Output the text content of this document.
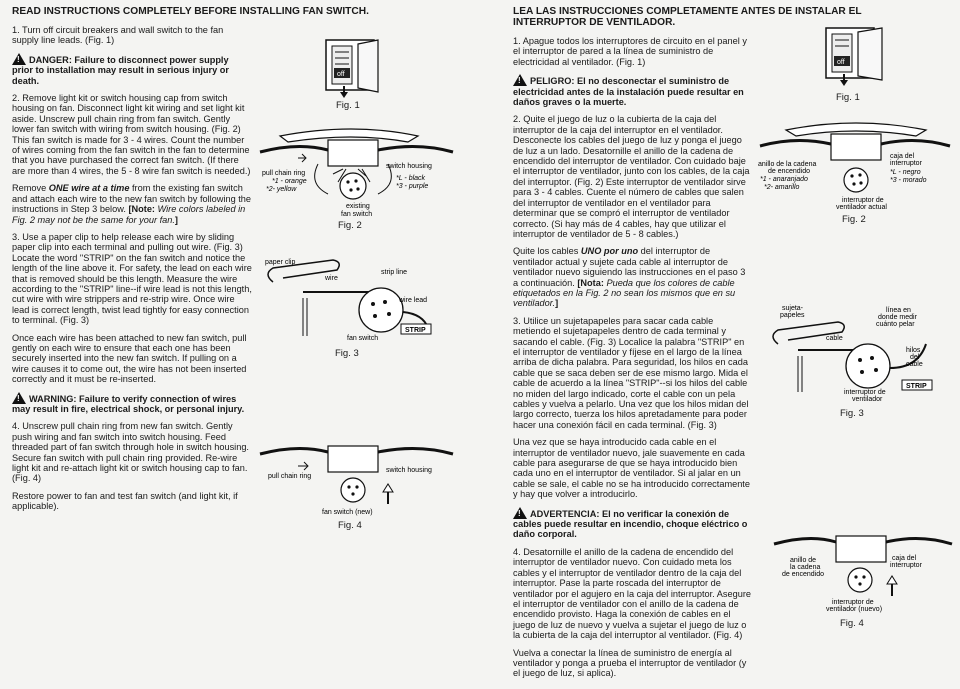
READ INSTRUCTIONS COMPLETELY BEFORE INSTALLING FAN SWITCH.
1. Turn off circuit breakers and wall switch to the fan supply line leads. (Fig. 1)
!DANGER: Failure to disconnect power supply prior to installation may result in serious injury or death.
2. Remove light kit or switch housing cap from switch housing on fan. Disconnect light kit wiring and set light kit aside. Unscrew pull chain ring from fan switch. Gently lower fan switch with wiring from switch housing. (Fig. 2) This fan switch is made for 3 - 4 wires. Count the number of wires coming from the fan switch in the fan to determine that you have purchased the correct fan switch. (If there are more than 4 wires, the 5 - 8 wire fan switch is needed.)
Remove ONE wire at a time from the existing fan switch and attach each wire to the new fan switch by following the instructions in Step 3 below. [Note: Wire colors labeled in Fig. 2 may not be the same for your fan.]
3. Use a paper clip to help release each wire by sliding paper clip into each terminal and pulling out wire. (Fig. 3) Locate the word "STRIP" on the fan switch and notice the length of the line above it. For safety, the lead on each wire that is removed should be this length. Measure the wire according to the "STRIP" line--if wire lead is not this length, cut wire with wire strippers and re-strip wire. Once wire lead is correct length, twist lead tightly for easy connection to terminal. (Fig. 3)
Once each wire has been attached to new fan switch, pull gently on each wire to ensure that each one has been securely inserted into the new fan switch. If pulling on a wire causes it to come out, the wire has not been inserted correctly and it must be re-inserted.
!WARNING: Failure to verify connection of wires may result in fire, electrical shock, or personal injury.
4. Unscrew pull chain ring from new fan switch. Gently push wiring and fan switch into switch housing. Feed threaded part of fan switch through hole in switch housing. Secure fan switch with pull chain ring provided. Re-wire light kit and re-attach light kit or switch housing cap to fan. (Fig. 4)
Restore power to fan and test fan switch (and light kit, if applicable).
off
Fig. 1
pull chain ring
*1 - orange
*2- yellow
switch housing
*L - black
*3 - purple
existing
fan switch
Fig. 2
paper clip
wire
strip line
wire lead
STRIP
fan switch
Fig. 3
pull chain ring
switch housing
fan switch (new)
Fig. 4
LEA LAS INSTRUCCIONES COMPLETAMENTE ANTES DE INSTALAR EL INTERRUPTOR DE VENTILADOR.
1. Apague todos los interruptores de circuito en el panel y el interruptor de pared a la línea de suministro de electricidad al ventilador. (Fig. 1)
!PELIGRO: El no desconectar el suministro de electricidad antes de la instalación puede resultar en daños graves o la muerte.
2. Quite el juego de luz o la cubierta de la caja del interruptor de la caja del interruptor en el ventilador. Desconecte los cables del juego de luz y ponga el juego de luz a un lado. Desatornille el anillo de la cadena de encendido del interruptor de ventilador. Con cuidado baje el interruptor de ventilador, junto con los cables, de la caja del interruptor. (Fig. 2) Este interruptor de ventilador sirve para 3 - 4 cables. Cuente el número de cables que salen del interruptor de ventilador en el ventilador para determinar que se compró el interruptor de ventilador correcto. (Si hay más de 4 cables, hay que utilizar el interruptor de ventilador de 5 - 8 cables.)
Quite los cables UNO por uno del interruptor de ventilador actual y sujete cada cable al interruptor de ventilador nuevo siguiendo las instrucciones en el paso 3 a continuación. [Nota: Pueda que los colores de cable etiquetados en la Fig. 2 no sean los mismos que en su ventilador.]
3. Utilice un sujetapapeles para sacar cada cable metiendo el sujetapapeles dentro de cada terminal y sacando el cable. (Fig. 3) Localice la palabra "STRIP" en el interruptor de ventilador y fíjese en el largo de la línea arriba de dicha palabra. Para seguridad, los hilos en cada cable que se saca deben ser de ese mismo largo. Mida el cable de acuerdo a la línea "STRIP"--si los hilos del cable no miden del largo indicado, corte el cable con un pela cables y vuelva a pelarlo. Una vez que los hilos midan del largo correcto, tuerza los hilos apretadamente para poder hacer una conexión fácil en cada terminal. (Fig. 3)
Una vez que se haya introducido cada cable en el interruptor de ventilador nuevo, jale suavemente en cada cable para asegurarse de que se haya introducido bien cada uno en el interruptor de ventilador. Si al jalar en un cable se sale, el cable no se ha introducido correctamente y hay que volver a introducirlo.
!ADVERTENCIA: El no verificar la conexión de cables puede resultar en incendio, choque eléctrico o daño corporal.
4. Desatornille el anillo de la cadena de encendido del interruptor de ventilador nuevo. Con cuidado meta los cables y el interruptor de ventilador dentro de la caja del interruptor. Pase la parte roscada del interruptor de ventilador por el agujero en la caja del interruptor. Asegure el interruptor de ventilador con el anillo de la cadena de encendido provisto. Haga la conexión de cables en el juego de luz de nuevo y vuelva a sujetar el juego de luz o la cubierta de la caja del interruptor al ventilador. (Fig. 4)
Vuelva a conectar la línea de suministro de energía al ventilador y ponga a prueba el interruptor de ventilador (y el juego de luz, si aplica).
off
Fig. 1
anillo de la cadena
de encendido
*1 - anaranjado
*2- amarillo
caja del
interruptor
*L - negro
*3 - morado
interruptor de
ventilador actual
Fig. 2
sujeta-
papeles
cable
línea en
donde medir
cuánto pelar
hilos
del
cable
STRIP
interruptor de
ventilador
Fig. 3
anillo de
la cadena
de encendido
caja del
interruptor
interruptor de
ventilador (nuevo)
Fig. 4
